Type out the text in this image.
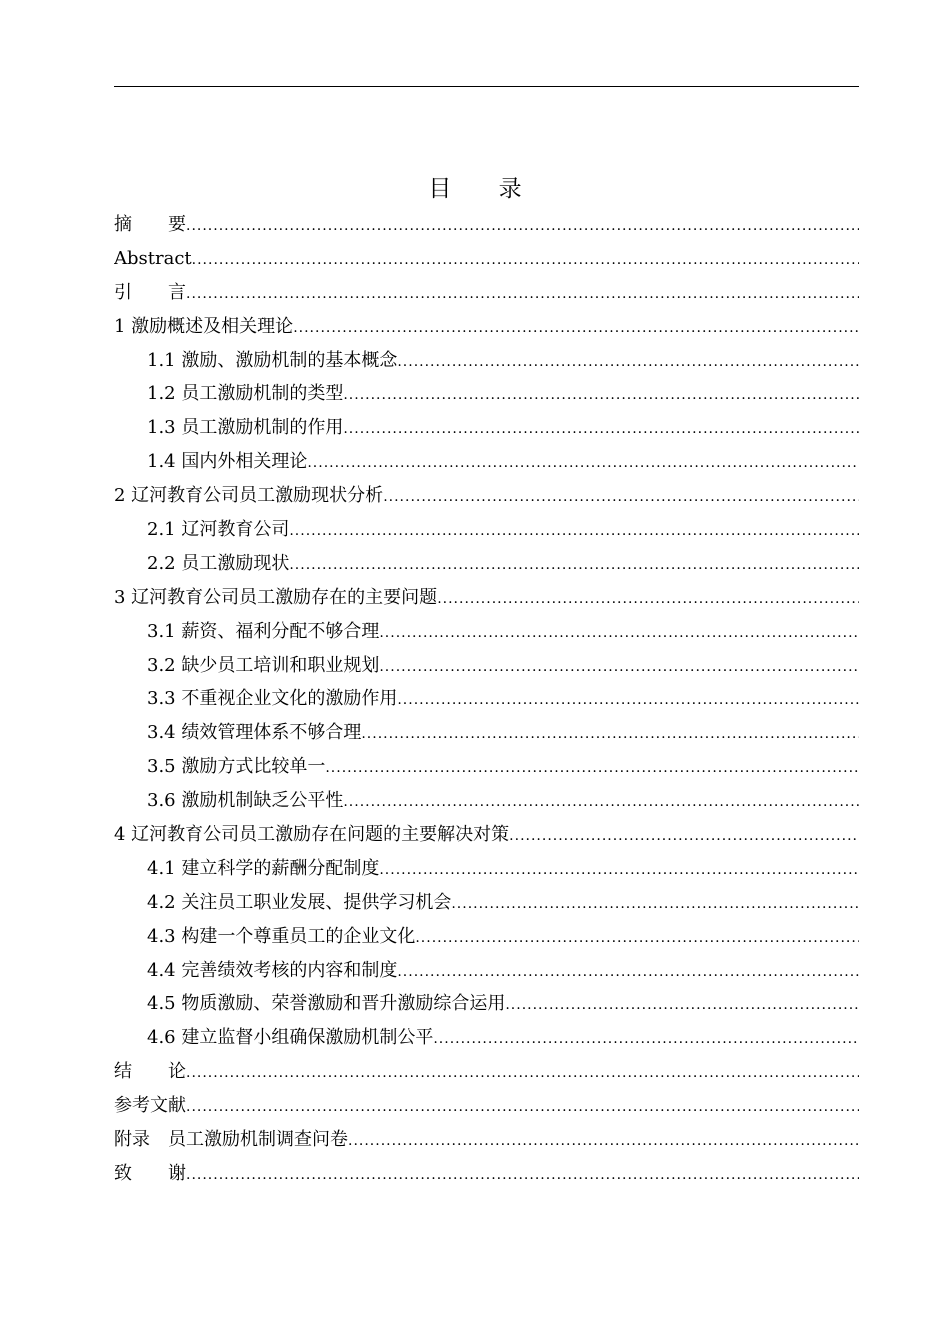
目 录
摘　　要
.....
Abstract
.....
引　　言
.....
1 激励概述及相关理论
.....
1.1 激励、激励机制的基本概念
.....
1.2 员工激励机制的类型
.....
1.3 员工激励机制的作用
.....
1.4 国内外相关理论
.....
2 辽河教育公司员工激励现状分析
.....
2.1 辽河教育公司
.....
2.2 员工激励现状
.....
3 辽河教育公司员工激励存在的主要问题
.....
3.1 薪资、福利分配不够合理
.....
3.2 缺少员工培训和职业规划
.....
3.3 不重视企业文化的激励作用
.....
3.4 绩效管理体系不够合理
.....
3.5 激励方式比较单一
.....
3.6 激励机制缺乏公平性
.....
4 辽河教育公司员工激励存在问题的主要解决对策
.....
4.1 建立科学的薪酬分配制度
.....
4.2 关注员工职业发展、提供学习机会
.....
4.3 构建一个尊重员工的企业文化
.....
4.4 完善绩效考核的内容和制度
.....
4.5 物质激励、荣誉激励和晋升激励综合运用
.....
4.6 建立监督小组确保激励机制公平
.....
结　　论
.....
参考文献
.....
附录　员工激励机制调查问卷
.....
致　　谢
.....
